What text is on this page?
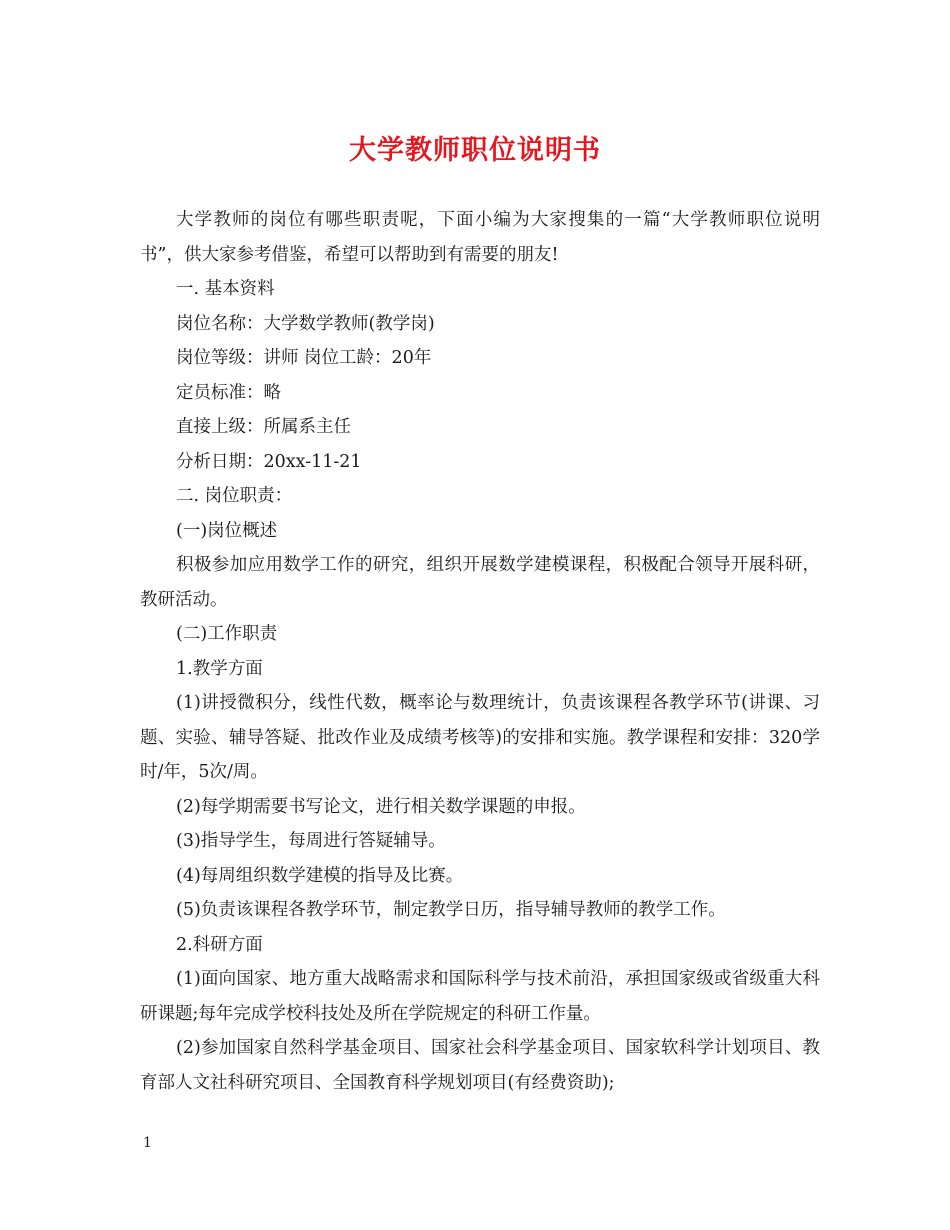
大学教师职位说明书

大学教师的岗位有哪些职责呢，下面小编为大家搜集的一篇“大学教师职位说明书”，供大家参考借鉴，希望可以帮助到有需要的朋友!

一. 基本资料

岗位名称：大学数学教师(教学岗)

岗位等级：讲师 岗位工龄：20年

定员标准：略

直接上级：所属系主任

分析日期：20xx-11-21

二. 岗位职责：

(一)岗位概述

积极参加应用数学工作的研究，组织开展数学建模课程，积极配合领导开展科研，教研活动。

(二)工作职责

1.教学方面

(1)讲授微积分，线性代数，概率论与数理统计，负责该课程各教学环节(讲课、习题、实验、辅导答疑、批改作业及成绩考核等)的安排和实施。教学课程和安排：320学时/年，5次/周。

(2)每学期需要书写论文，进行相关数学课题的申报。

(3)指导学生，每周进行答疑辅导。

(4)每周组织数学建模的指导及比赛。

(5)负责该课程各教学环节，制定教学日历，指导辅导教师的教学工作。

2.科研方面

(1)面向国家、地方重大战略需求和国际科学与技术前沿，承担国家级或省级重大科研课题;每年完成学校科技处及所在学院规定的科研工作量。

(2)参加国家自然科学基金项目、国家社会科学基金项目、国家软科学计划项目、教育部人文社科研究项目、全国教育科学规划项目(有经费资助);

1
